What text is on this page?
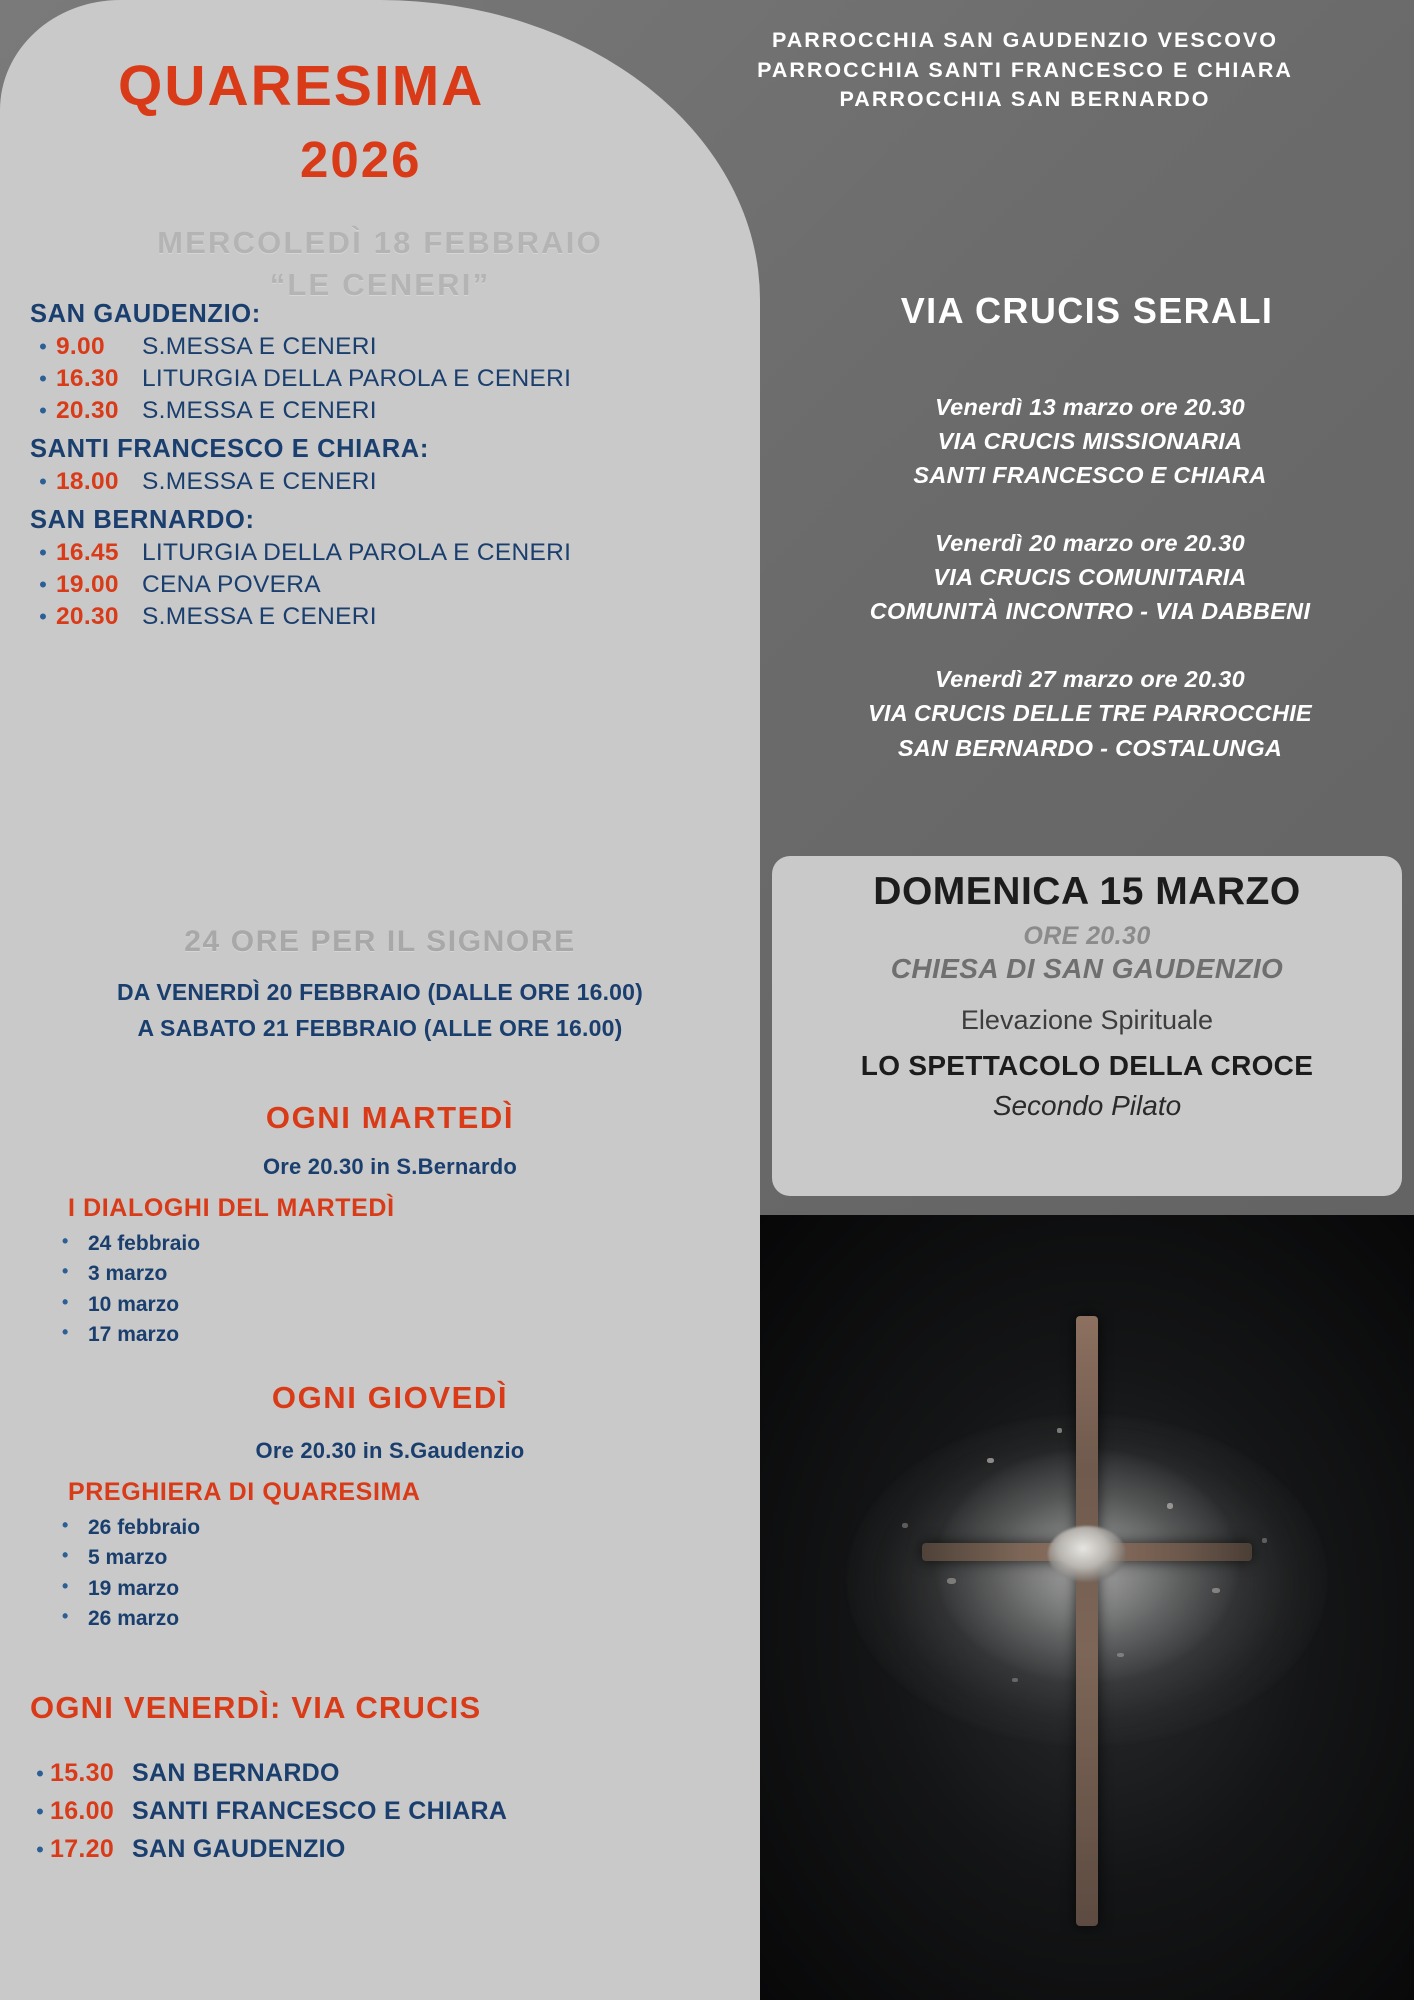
PARROCCHIA SAN GAUDENZIO VESCOVO
PARROCCHIA SANTI FRANCESCO E CHIARA
PARROCCHIA SAN BERNARDO
QUARESIMA
2026
MERCOLEDÌ 18 FEBBRAIO
“LE CENERI”
SAN GAUDENZIO:
• 9.00	S.MESSA E CENERI
• 16.30 LITURGIA DELLA PAROLA E CENERI
• 20.30 S.MESSA E CENERI
SANTI FRANCESCO E CHIARA:
• 18.00 S.MESSA E CENERI
SAN BERNARDO:
• 16.45 LITURGIA DELLA PAROLA E CENERI
• 19.00 CENA POVERA
• 20.30 S.MESSA E CENERI
24 ORE PER IL SIGNORE
DA VENERDÌ 20 FEBBRAIO (DALLE ORE 16.00)
A SABATO 21 FEBBRAIO (ALLE ORE 16.00)
OGNI MARTEDÌ
Ore 20.30 in S.Bernardo
I DIALOGHI DEL MARTEDÌ
• 24 febbraio
• 3 marzo
• 10 marzo
• 17 marzo
OGNI GIOVEDÌ
Ore 20.30 in S.Gaudenzio
PREGHIERA DI QUARESIMA
• 26 febbraio
• 5 marzo
• 19 marzo
• 26 marzo
OGNI VENERDÌ: VIA CRUCIS
• 15.30 SAN BERNARDO
• 16.00 SANTI FRANCESCO E CHIARA
• 17.20 SAN GAUDENZIO
VIA CRUCIS SERALI
Venerdì 13 marzo ore 20.30
VIA CRUCIS MISSIONARIA
SANTI FRANCESCO E CHIARA
Venerdì 20 marzo ore 20.30
VIA CRUCIS COMUNITARIA
COMUNITÀ INCONTRO - VIA DABBENI
Venerdì 27 marzo ore 20.30
VIA CRUCIS DELLE TRE PARROCCHIE
SAN BERNARDO - COSTALUNGA
DOMENICA 15 MARZO
ORE 20.30
CHIESA DI SAN GAUDENZIO
Elevazione Spirituale
LO SPETTACOLO DELLA CROCE
Secondo Pilato
